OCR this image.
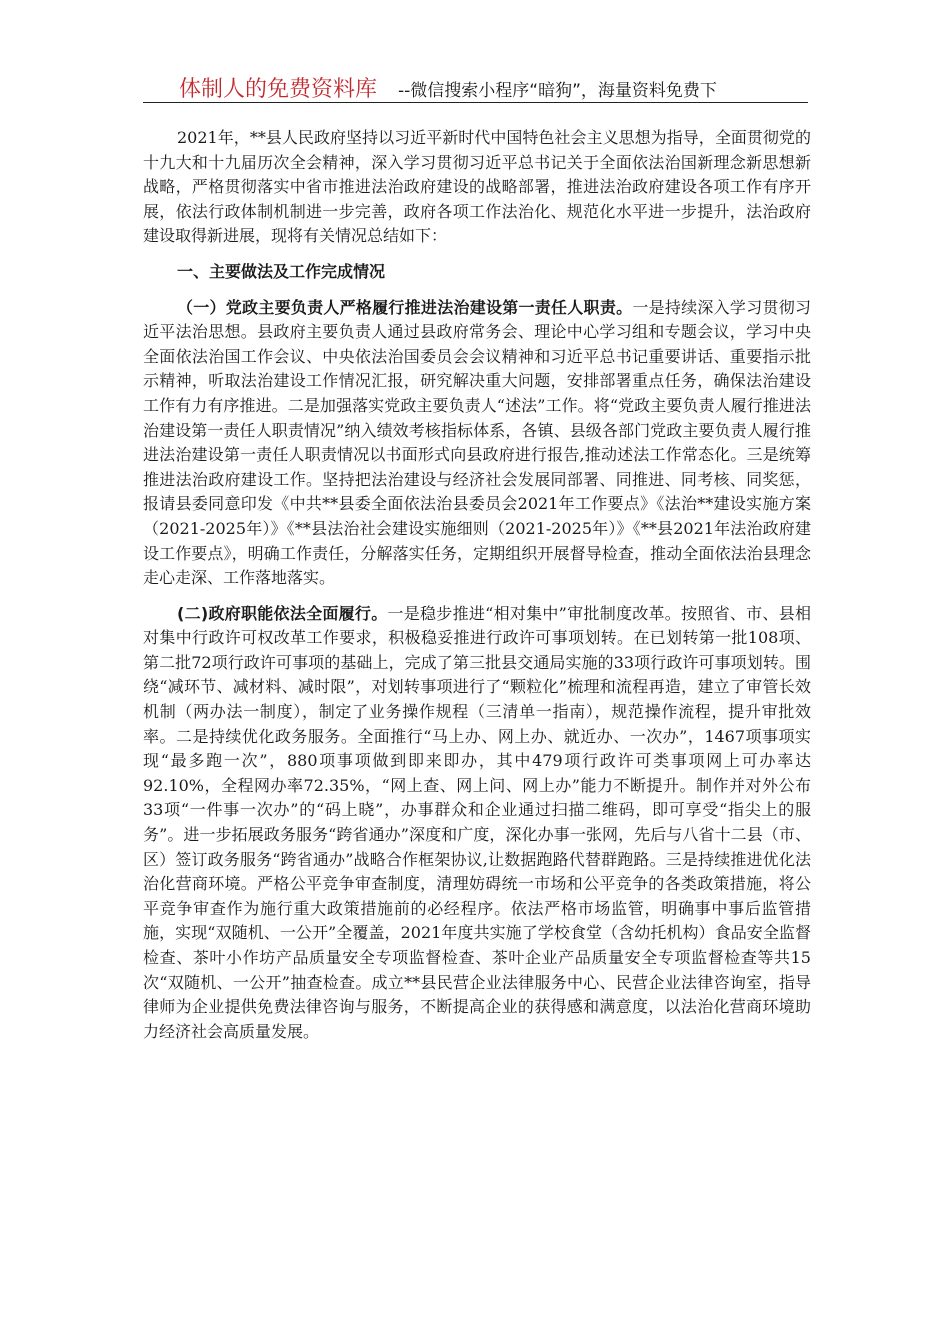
体制人的免费资料库 --微信搜索小程序“暗狗”，海量资料免费下

2021年，**县人民政府坚持以习近平新时代中国特色社会主义思想为指导，全面贯彻党的十九大和十九届历次全会精神，深入学习贯彻习近平总书记关于全面依法治国新理念新思想新战略，严格贯彻落实中省市推进法治政府建设的战略部署，推进法治政府建设各项工作有序开展，依法行政体制机制进一步完善，政府各项工作法治化、规范化水平进一步提升，法治政府建设取得新进展，现将有关情况总结如下：

一、主要做法及工作完成情况

（一）党政主要负责人严格履行推进法治建设第一责任人职责。一是持续深入学习贯彻习近平法治思想。县政府主要负责人通过县政府常务会、理论中心学习组和专题会议，学习中央全面依法治国工作会议、中央依法治国委员会会议精神和习近平总书记重要讲话、重要指示批示精神，听取法治建设工作情况汇报，研究解决重大问题，安排部署重点任务，确保法治建设工作有力有序推进。二是加强落实党政主要负责人“述法”工作。将“党政主要负责人履行推进法治建设第一责任人职责情况”纳入绩效考核指标体系，各镇、县级各部门党政主要负责人履行推进法治建设第一责任人职责情况以书面形式向县政府进行报告,推动述法工作常态化。三是统筹推进法治政府建设工作。坚持把法治建设与经济社会发展同部署、同推进、同考核、同奖惩，报请县委同意印发《中共**县委全面依法治县委员会2021年工作要点》《法治**建设实施方案（2021-2025年）》《**县法治社会建设实施细则（2021-2025年）》《**县2021年法治政府建设工作要点》，明确工作责任，分解落实任务，定期组织开展督导检查，推动全面依法治县理念走心走深、工作落地落实。

(二)政府职能依法全面履行。一是稳步推进“相对集中”审批制度改革。按照省、市、县相对集中行政许可权改革工作要求，积极稳妥推进行政许可事项划转。在已划转第一批108项、第二批72项行政许可事项的基础上，完成了第三批县交通局实施的33项行政许可事项划转。围绕“减环节、减材料、减时限”，对划转事项进行了“颗粒化”梳理和流程再造，建立了审管长效机制（两办法一制度），制定了业务操作规程（三清单一指南），规范操作流程，提升审批效率。二是持续优化政务服务。全面推行“马上办、网上办、就近办、一次办”，1467项事项实现“最多跑一次”，880项事项做到即来即办，其中479项行政许可类事项网上可办率达92.10%，全程网办率72.35%，“网上查、网上问、网上办”能力不断提升。制作并对外公布33项“一件事一次办”的“码上晓”，办事群众和企业通过扫描二维码，即可享受“指尖上的服务”。进一步拓展政务服务“跨省通办”深度和广度，深化办事一张网，先后与八省十二县（市、区）签订政务服务“跨省通办”战略合作框架协议,让数据跑路代替群跑路。三是持续推进优化法治化营商环境。严格公平竞争审查制度，清理妨碍统一市场和公平竞争的各类政策措施，将公平竞争审查作为施行重大政策措施前的必经程序。依法严格市场监管，明确事中事后监管措施，实现“双随机、一公开”全覆盖，2021年度共实施了学校食堂（含幼托机构）食品安全监督检查、茶叶小作坊产品质量安全专项监督检查、茶叶企业产品质量安全专项监督检查等共15次“双随机、一公开”抽查检查。成立**县民营企业法律服务中心、民营企业法律咨询室，指导律师为企业提供免费法律咨询与服务，不断提高企业的获得感和满意度，以法治化营商环境助力经济社会高质量发展。
